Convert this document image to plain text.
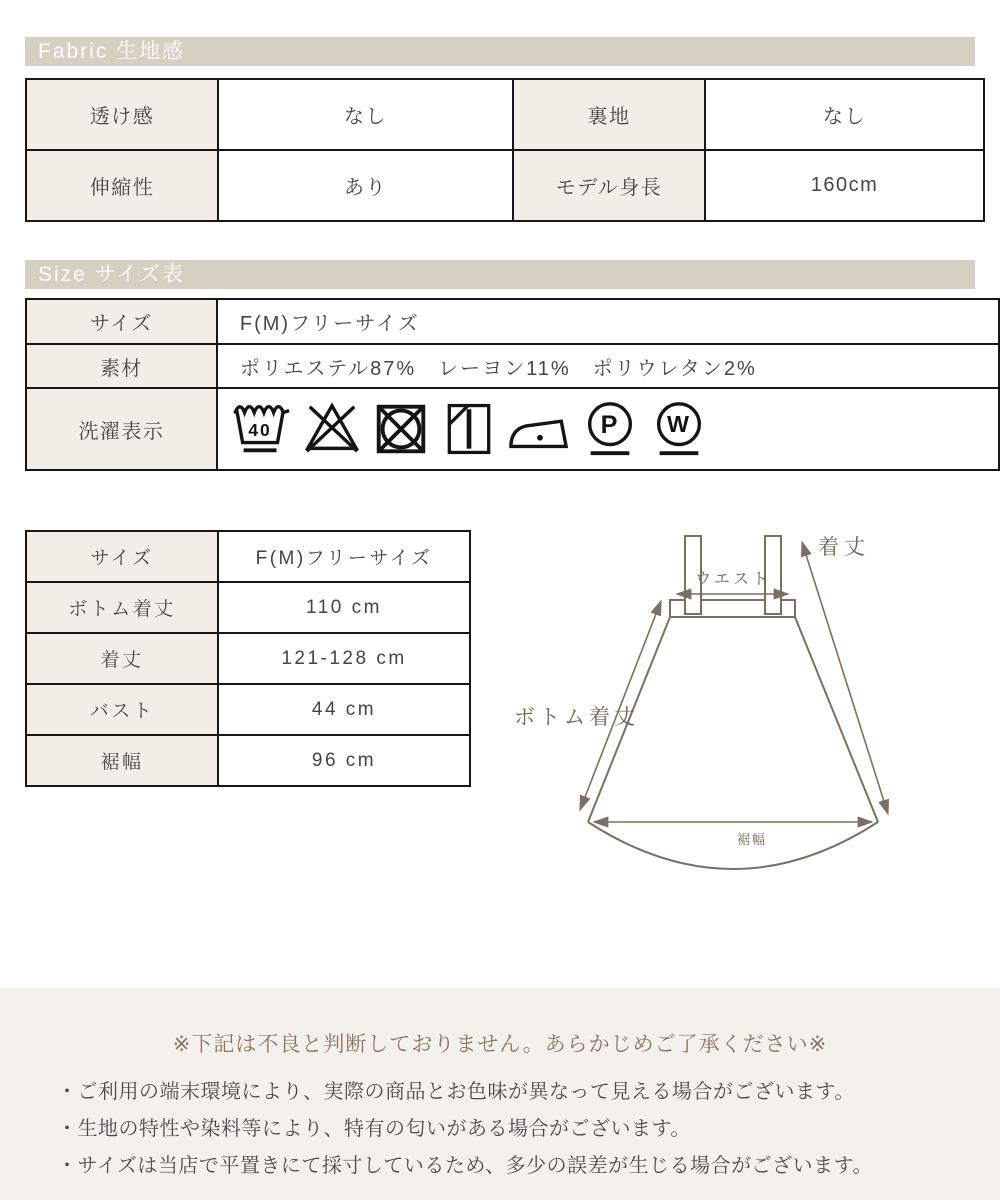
Fabric 生地感
透け感	なし	裏地	なし
伸縮性	あり	モデル身長	160cm
Size サイズ表
サイズ	F(M)フリーサイズ
素材	ポリエステル87%　レーヨン11%　ポリウレタン2%
洗濯表示	40 P W
サイズ	F(M)フリーサイズ
ボトム着丈	110 cm
着丈	121-128 cm
バスト	44 cm
裾幅	96 cm
ウエスト
着丈
ボトム着丈
裾幅
※下記は不良と判断しておりません。あらかじめご了承ください※
・ご利用の端末環境により、実際の商品とお色味が異なって見える場合がございます。
・生地の特性や染料等により、特有の匂いがある場合がございます。
・サイズは当店で平置きにて採寸しているため、多少の誤差が生じる場合がございます。
